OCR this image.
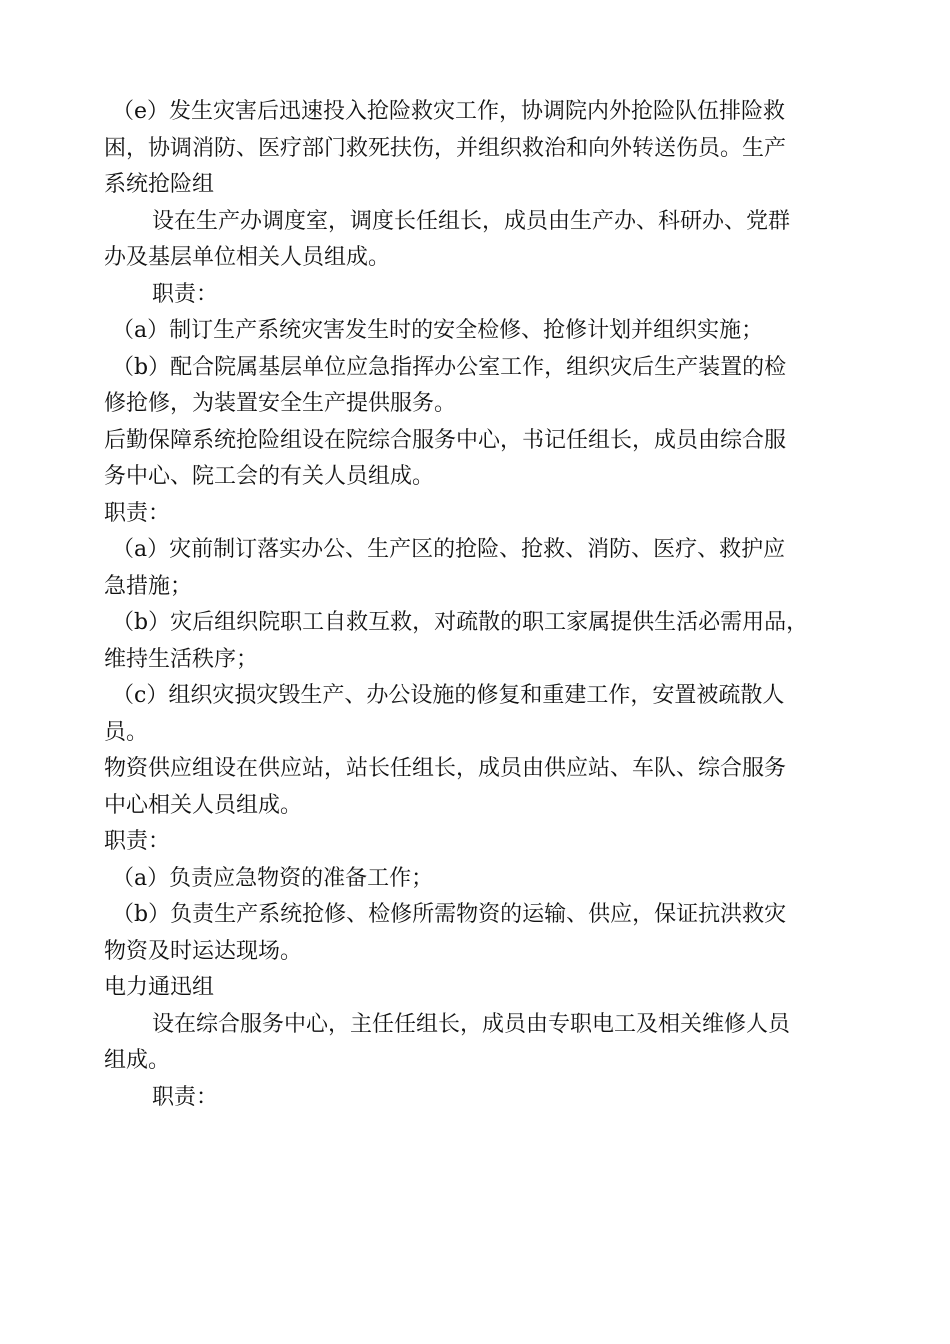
（e）发生灾害后迅速投入抢险救灾工作，协调院内外抢险队伍排险救
困，协调消防、医疗部门救死扶伤，并组织救治和向外转送伤员。生产
系统抢险组
设在生产办调度室，调度长任组长，成员由生产办、科研办、党群
办及基层单位相关人员组成。
职责：
（a）制订生产系统灾害发生时的安全检修、抢修计划并组织实施；
（b）配合院属基层单位应急指挥办公室工作，组织灾后生产装置的检
修抢修，为装置安全生产提供服务。
后勤保障系统抢险组设在院综合服务中心，书记任组长，成员由综合服
务中心、院工会的有关人员组成。
职责：
（a）灾前制订落实办公、生产区的抢险、抢救、消防、医疗、救护应
急措施；
（b）灾后组织院职工自救互救，对疏散的职工家属提供生活必需用品，
维持生活秩序；
（c）组织灾损灾毁生产、办公设施的修复和重建工作，安置被疏散人
员。
物资供应组设在供应站，站长任组长，成员由供应站、车队、综合服务
中心相关人员组成。
职责：
（a）负责应急物资的准备工作；
（b）负责生产系统抢修、检修所需物资的运输、供应，保证抗洪救灾
物资及时运达现场。
电力通迅组
设在综合服务中心，主任任组长，成员由专职电工及相关维修人员
组成。
职责：
